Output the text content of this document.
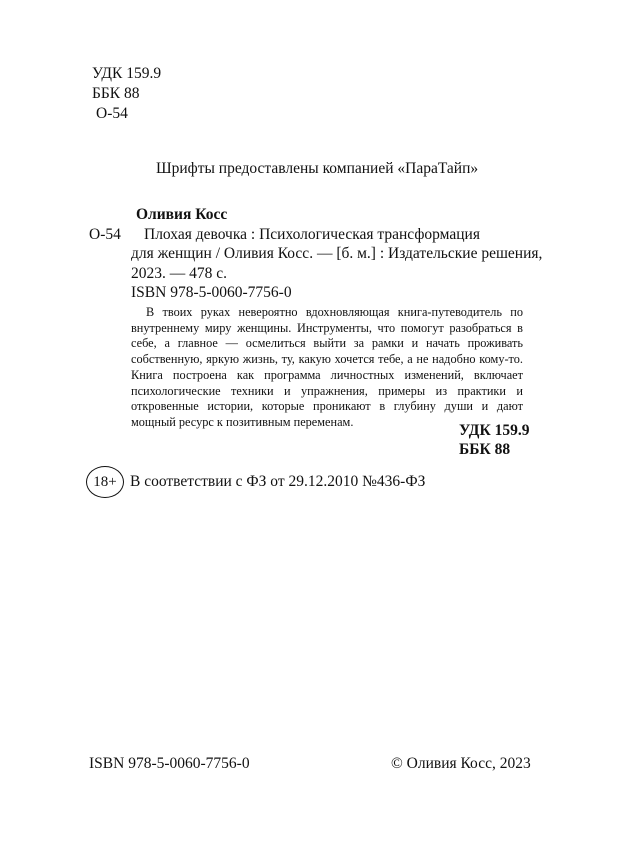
УДК 159.9
ББК 88
О-54
Шрифты предоставлены компанией «ПараТайп»
Оливия Косс
О-54 Плохая девочка : Психологическая трансформация
для женщин / Оливия Косс. — [б. м.] : Издательские решения,
2023. — 478 с.
ISBN 978-5-0060-7756-0

В твоих руках невероятно вдохновляющая книга-путеводитель по внутреннему миру женщины. Инструменты, что помогут разобраться в себе, а главное — осмелиться выйти за рамки и начать проживать собственную, яркую жизнь, ту, какую хочется тебе, а не надобно кому-то. Книга построена как программа личностных изменений, включает психологические техники и упражнения, примеры из практики и откровенные истории, которые проникают в глубину души и дают мощный ресурс к позитивным переменам.

УДК 159.9
ББК 88
18+ В соответствии с ФЗ от 29.12.2010 №436-ФЗ
ISBN 978-5-0060-7756-0	© Оливия Косс, 2023
